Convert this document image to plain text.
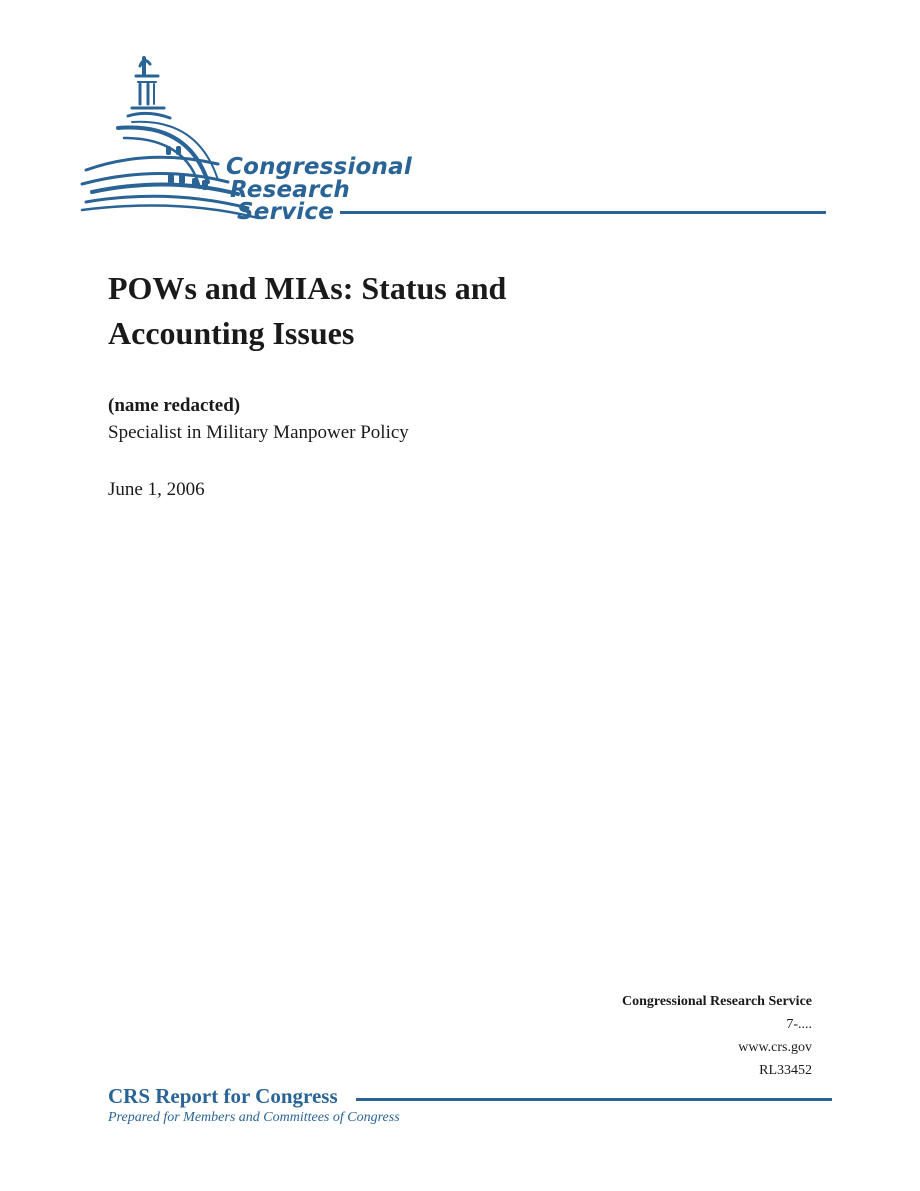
Congressional
Research
Service
POWs and MIAs: Status and
Accounting Issues
(name redacted)
Specialist in Military Manpower Policy
June 1, 2006
Congressional Research Service
7-....
www.crs.gov
RL33452
CRS Report for Congress
Prepared for Members and Committees of Congress
